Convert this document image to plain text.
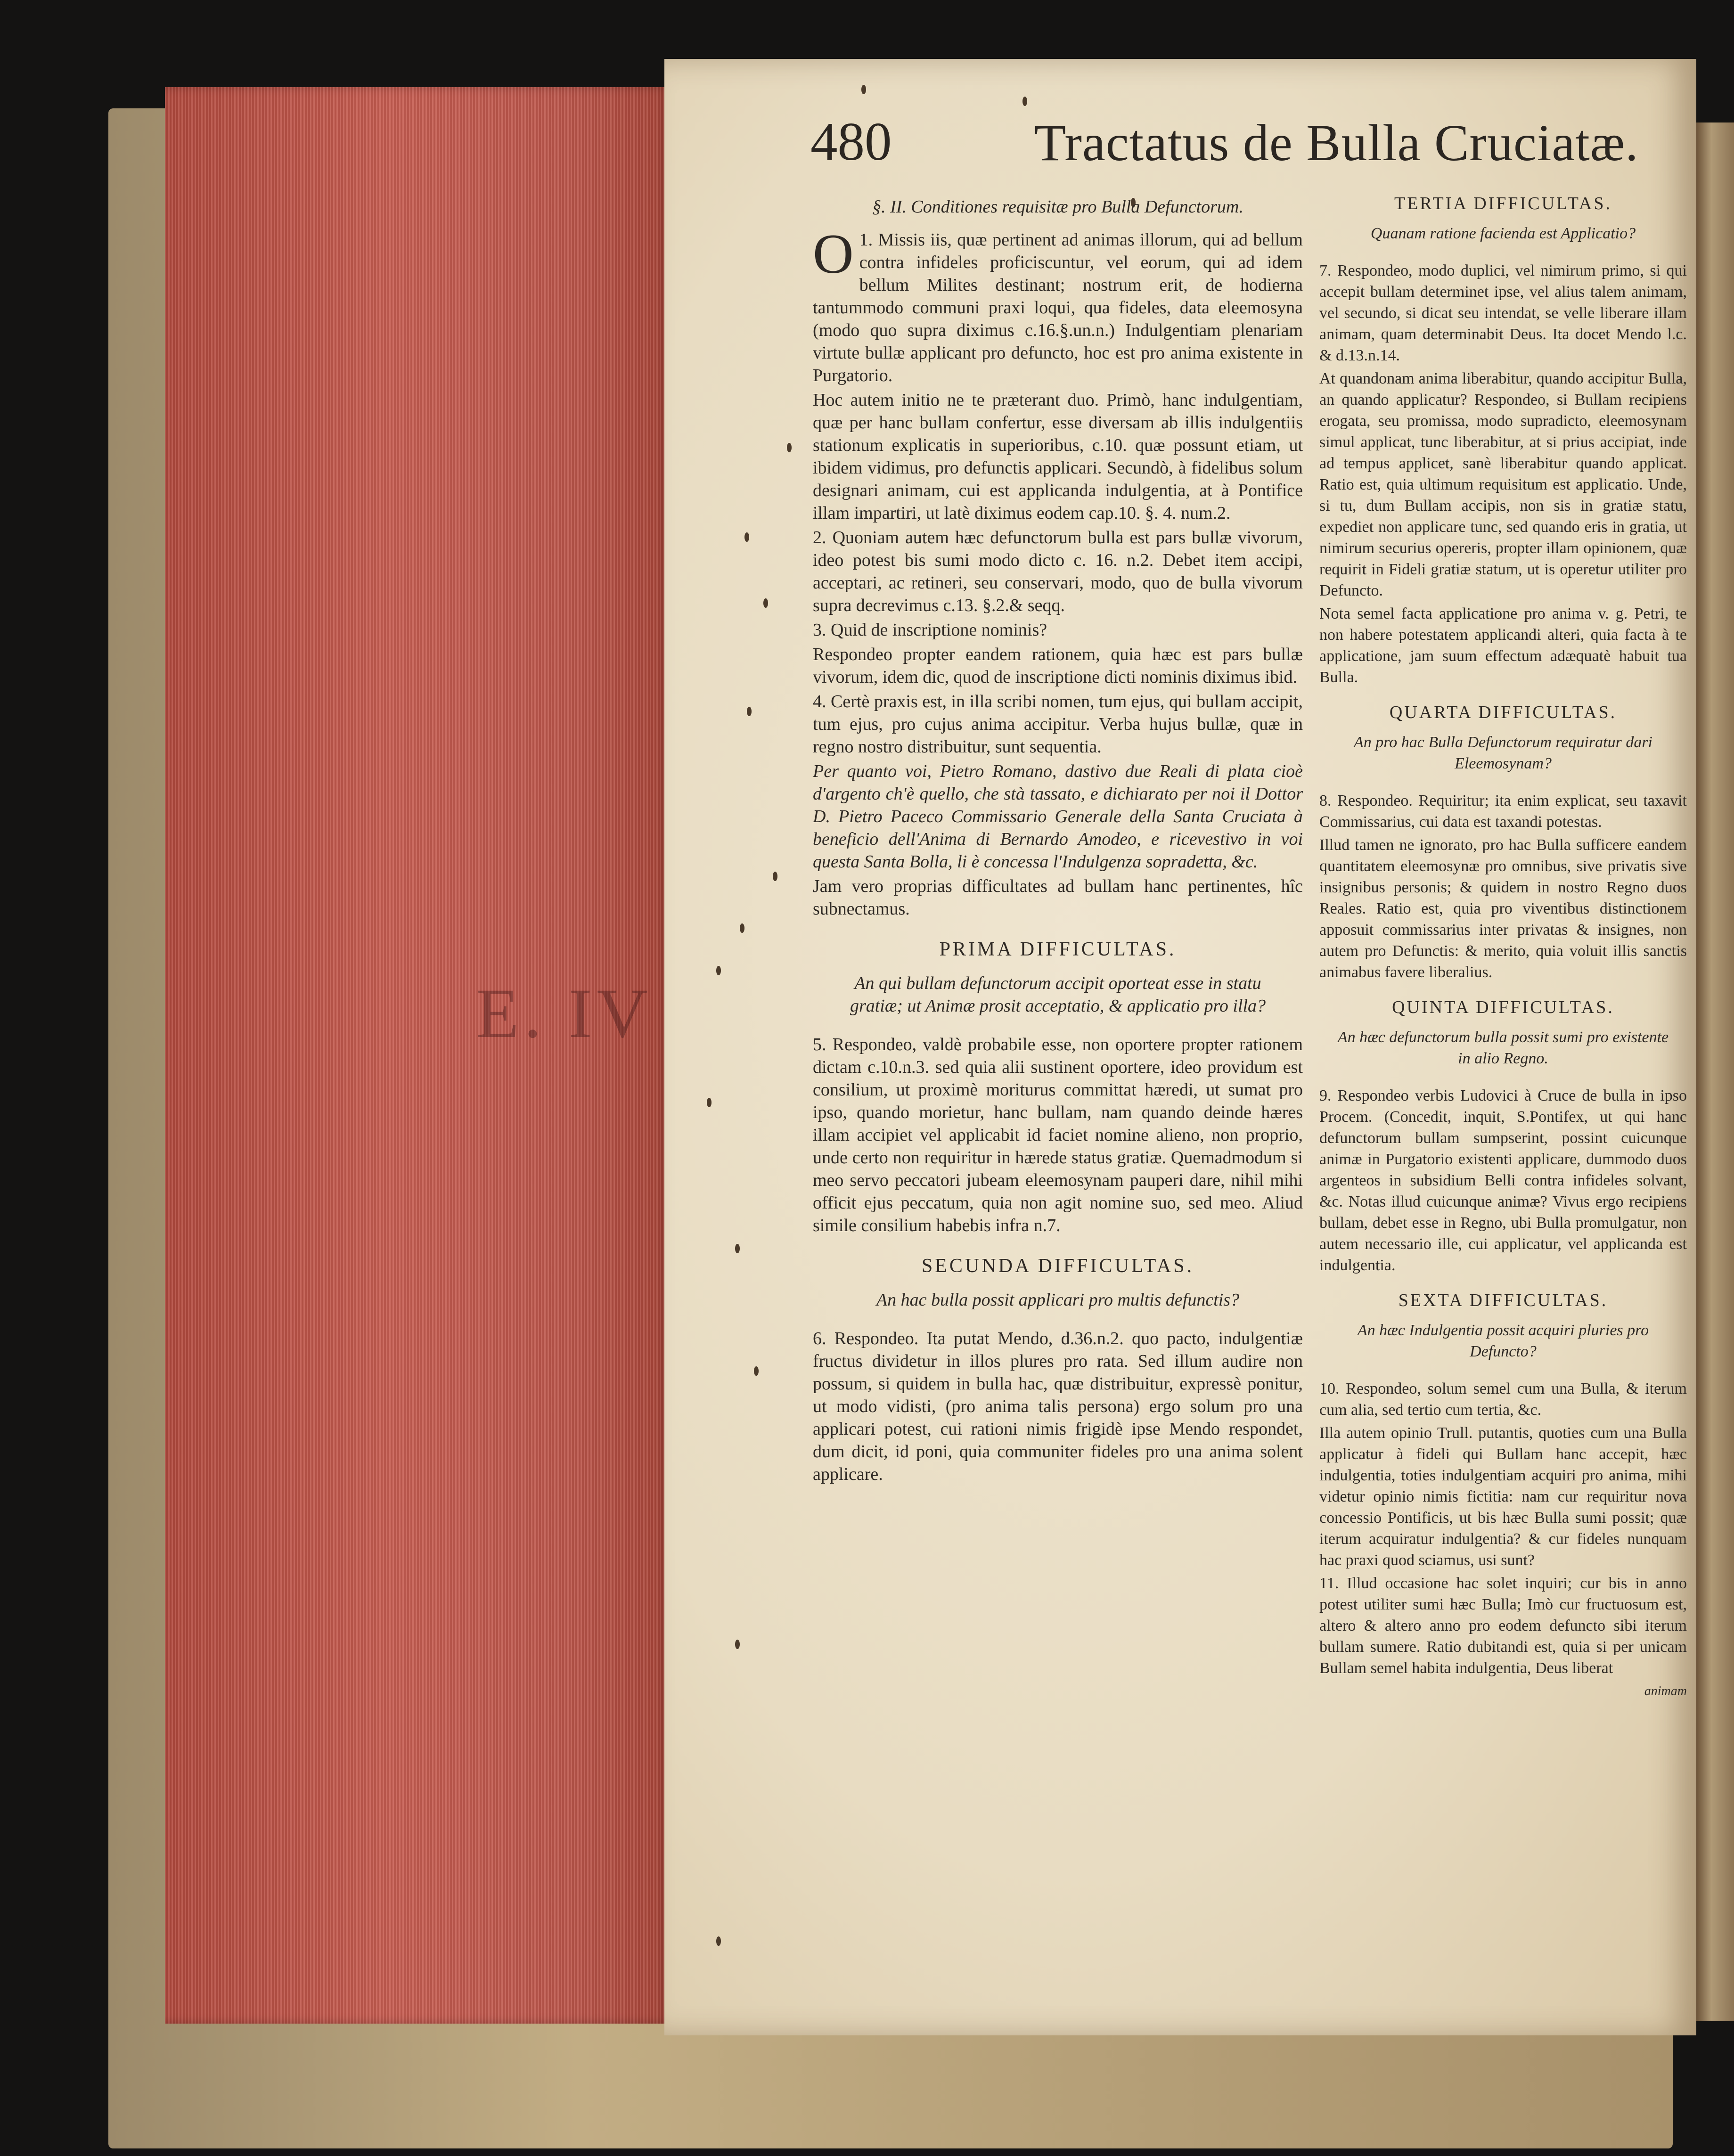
E. IV
480	Tractatus de Bulla Cruciatæ.

§. II. Conditiones requisitæ pro Bulla Defunctorum.

O 1. Missis iis, quæ pertinent ad animas illorum, qui ad bellum contra infideles proficiscuntur, vel eorum, qui ad idem bellum Milites destinant; nostrum erit, de hodierna tantummodo communi praxi loqui, qua fideles, data eleemosyna (modo quo supra diximus c.16.§.un.n.) Indulgentiam plenariam virtute bullæ applicant pro defuncto, hoc est pro anima existente in Purgatorio.

Hoc autem initio ne te præterant duo. Primò, hanc indulgentiam, quæ per hanc bullam confertur, esse diversam ab illis indulgentiis stationum explicatis in superioribus, c.10. quæ possunt etiam, ut ibidem vidimus, pro defunctis applicari. Secundò, à fidelibus solum designari animam, cui est applicanda indulgentia, at à Pontifice illam impartiri, ut latè diximus eodem cap.10. §. 4. num.2.

2. Quoniam autem hæc defunctorum bulla est pars bullæ vivorum, ideo potest bis sumi modo dicto c. 16. n.2. Debet item accipi, acceptari, ac retineri, seu conservari, modo, quo de bulla vivorum supra decrevimus c.13. §.2.& seqq.

3. Quid de inscriptione nominis?

Respondeo propter eandem rationem, quia hæc est pars bullæ vivorum, idem dic, quod de inscriptione dicti nominis diximus ibid.

4. Certè praxis est, in illa scribi nomen, tum ejus, qui bullam accipit, tum ejus, pro cujus anima accipitur. Verba hujus bullæ, quæ in regno nostro distribuitur, sunt sequentia.

Per quanto voi, Pietro Romano, dastivo due Reali di plata cioè d'argento ch'è quello, che stà tassato, e dichiarato per noi il Dottor D. Pietro Paceco Commissario Generale della Santa Cruciata à beneficio dell'Anima di Bernardo Amodeo, e ricevestivo in voi questa Santa Bolla, li è concessa l'Indulgenza sopradetta, &c.

Jam vero proprias difficultates ad bullam hanc pertinentes, hîc subnectamus.

PRIMA DIFFICULTAS.

An qui bullam defunctorum accipit oporteat esse in statu gratiæ; ut Animæ prosit acceptatio, & applicatio pro illa?

5. Respondeo, valdè probabile esse, non oportere propter rationem dictam c.10.n.3. sed quia alii sustinent oportere, ideo providum est consilium, ut proximè moriturus committat hæredi, ut sumat pro ipso, quando morietur, hanc bullam, nam quando deinde hæres illam accipiet vel applicabit id faciet nomine alieno, non proprio, unde certo non requiritur in hærede status gratiæ. Quemadmodum si meo servo peccatori jubeam eleemosynam pauperi dare, nihil mihi officit ejus peccatum, quia non agit nomine suo, sed meo. Aliud simile consilium habebis infra n.7.

SECUNDA DIFFICULTAS.

An hac bulla possit applicari pro multis defunctis?

6. Respondeo. Ita putat Mendo, d.36.n.2. quo pacto, indulgentiæ fructus dividetur in illos plures pro rata. Sed illum audire non possum, si quidem in bulla hac, quæ distribuitur, expressè ponitur, ut modo vidisti, (pro anima talis persona) ergo solum pro una applicari potest, cui rationi nimis frigidè ipse Mendo respondet, dum dicit, id poni, quia communiter fideles pro una anima solent applicare.

TERTIA DIFFICULTAS.

Quanam ratione facienda est Applicatio?

7. Respondeo, modo duplici, vel nimirum primo, si qui accepit bullam determinet ipse, vel alius talem animam, vel secundo, si dicat seu intendat, se velle liberare illam animam, quam determinabit Deus. Ita docet Mendo l.c. & d.13.n.14.

At quandonam anima liberabitur, quando accipitur Bulla, an quando applicatur? Respondeo, si Bullam recipiens erogata, seu promissa, modo supradicto, eleemosynam simul applicat, tunc liberabitur, at si prius accipiat, inde ad tempus applicet, sanè liberabitur quando applicat. Ratio est, quia ultimum requisitum est applicatio. Unde, si tu, dum Bullam accipis, non sis in gratiæ statu, expediet non applicare tunc, sed quando eris in gratia, ut nimirum securius opereris, propter illam opinionem, quæ requirit in Fideli gratiæ statum, ut is operetur utiliter pro Defuncto.

Nota semel facta applicatione pro anima v. g. Petri, te non habere potestatem applicandi alteri, quia facta à te applicatione, jam suum effectum adæquatè habuit tua Bulla.

QUARTA DIFFICULTAS.

An pro hac Bulla Defunctorum requiratur dari Eleemosynam?

8. Respondeo. Requiritur; ita enim explicat, seu taxavit Commissarius, cui data est taxandi potestas.

Illud tamen ne ignorato, pro hac Bulla sufficere eandem quantitatem eleemosynæ pro omnibus, sive privatis sive insignibus personis; & quidem in nostro Regno duos Reales. Ratio est, quia pro viventibus distinctionem apposuit commissarius inter privatas & insignes, non autem pro Defunctis: & merito, quia voluit illis sanctis animabus favere liberalius.

QUINTA DIFFICULTAS.

An hæc defunctorum bulla possit sumi pro existente in alio Regno.

9. Respondeo verbis Ludovici à Cruce de bulla in ipso Procem. (Concedit, inquit, S.Pontifex, ut qui hanc defunctorum bullam sumpserint, possint cuicunque animæ in Purgatorio existenti applicare, dummodo duos argenteos in subsidium Belli contra infideles solvant, &c. Notas illud cuicunque animæ? Vivus ergo recipiens bullam, debet esse in Regno, ubi Bulla promulgatur, non autem necessario ille, cui applicatur, vel applicanda est indulgentia.

SEXTA DIFFICULTAS.

An hæc Indulgentia possit acquiri pluries pro Defuncto?

10. Respondeo, solum semel cum una Bulla, & iterum cum alia, sed tertio cum tertia, &c.

Illa autem opinio Trull. putantis, quoties cum una Bulla applicatur à fideli qui Bullam hanc accepit, hæc indulgentia, toties indulgentiam acquiri pro anima, mihi videtur opinio nimis fictitia: nam cur requiritur nova concessio Pontificis, ut bis hæc Bulla sumi possit; quæ iterum acquiratur indulgentia? & cur fideles nunquam hac praxi quod sciamus, usi sunt?

11. Illud occasione hac solet inquiri; cur bis in anno potest utiliter sumi hæc Bulla; Imò cur fructuosum est, altero & altero anno pro eodem defuncto sibi iterum bullam sumere. Ratio dubitandi est, quia si per unicam Bullam semel habita indulgentia, Deus liberat

animam
